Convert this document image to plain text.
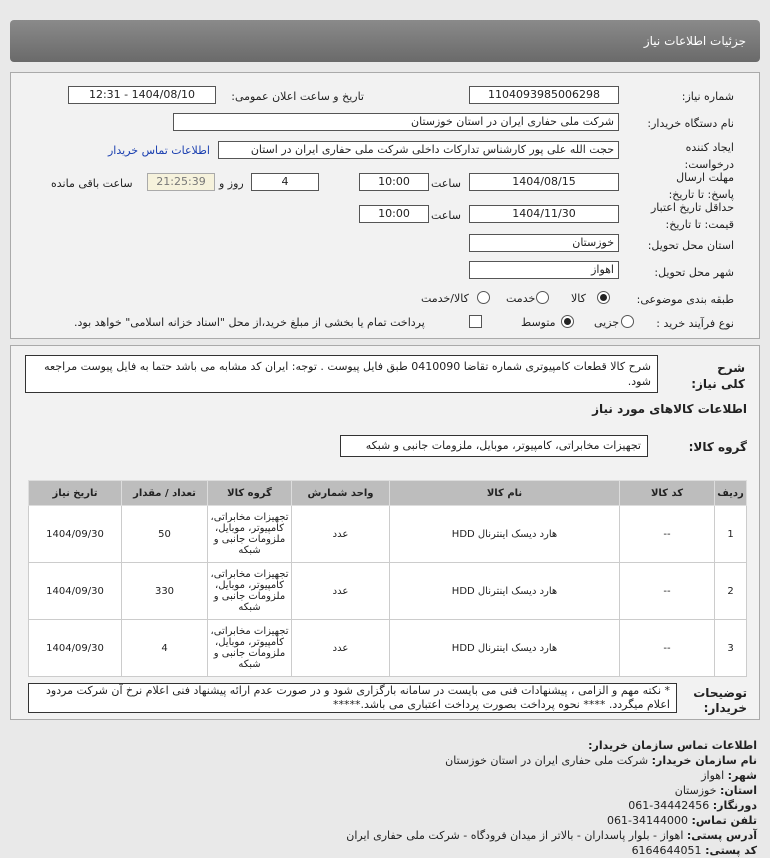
جزئیات اطلاعات نیاز
شماره نیاز:
1104093985006298
تاریخ و ساعت اعلان عمومی:
1404/08/10 - 12:31
نام دستگاه خریدار:
شرکت ملی حفاری ایران در استان خوزستان
ایجاد کننده درخواست:
حجت الله علی پور کارشناس تدارکات داخلی شرکت ملی حفاری ایران در استان
اطلاعات تماس خریدار
مهلت ارسال پاسخ: تا تاریخ:
1404/08/15
ساعت
10:00
4
روز و
21:25:39
ساعت باقی مانده
حداقل تاریخ اعتبار قیمت: تا تاریخ:
1404/11/30
ساعت
10:00
استان محل تحویل:
خوزستان
شهر محل تحویل:
اهواز
طبقه بندی موضوعی:
کالا
خدمت
کالا/خدمت
نوع فرآیند خرید :
جزیی
متوسط
پرداخت تمام یا بخشی از مبلغ خرید،از محل "اسناد خزانه اسلامی" خواهد بود.
شرح کلی نیاز:
شرح کالا قطعات کامپیوتری شماره تقاضا 0410090 طبق فایل پیوست . توجه: ایران کد مشابه می باشد حتما به فایل پیوست مراجعه شود.
اطلاعات کالاهای مورد نیاز
گروه کالا:
تجهیزات مخابراتی، کامپیوتر، موبایل، ملزومات جانبی و شبکه
ردیف	کد کالا	نام کالا	واحد شمارش	گروه کالا	تعداد / مقدار	تاریخ نیاز
1	--	هارد دیسک اینترنال HDD	عدد	تجهیزات مخابراتی، کامپیوتر، موبایل، ملزومات جانبی و شبکه	50	1404/09/30
2	--	هارد دیسک اینترنال HDD	عدد	تجهیزات مخابراتی، کامپیوتر، موبایل، ملزومات جانبی و شبکه	330	1404/09/30
3	--	هارد دیسک اینترنال HDD	عدد	تجهیزات مخابراتی، کامپیوتر، موبایل، ملزومات جانبی و شبکه	4	1404/09/30
توضیحات خریدار:
* نکته مهم و الزامی ، پیشنهادات فنی می بایست در سامانه بارگزاری شود و در صورت عدم ارائه پیشنهاد فنی اعلام نرخ آن شرکت مردود اعلام میگردد. **** نحوه پرداخت بصورت پرداخت اعتباری می باشد.*****
اطلاعات تماس سازمان خریدار:
نام سازمان خریدار: شرکت ملی حفاری ایران در استان خوزستان
شهر: اهواز
استان: خوزستان
دورنگار: 34442456-061
تلفن تماس: 34144000-061
آدرس پستی: اهواز - بلوار پاسداران - بالاتر از میدان فرودگاه - شرکت ملی حفاری ایران
کد پستی: 6164644051
